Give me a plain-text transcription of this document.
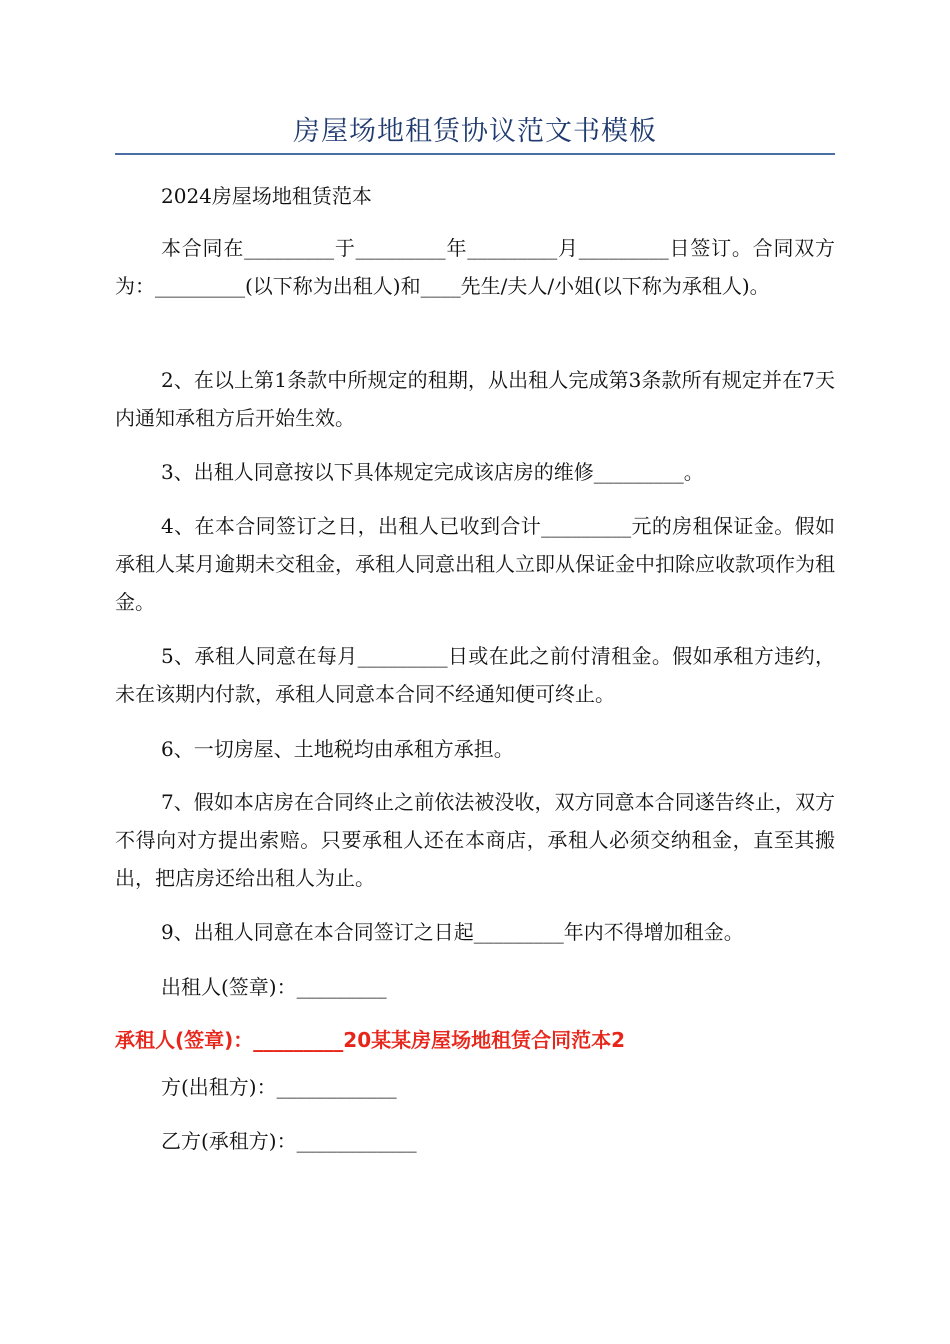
房屋场地租赁协议范文书模板

2024房屋场地租赁范本

本合同在_________于_________年_________月_________日签订。合同双方为：_________(以下称为出租人)和____先生/夫人/小姐(以下称为承租人)。

2、在以上第1条款中所规定的租期，从出租人完成第3条款所有规定并在7天内通知承租方后开始生效。

3、出租人同意按以下具体规定完成该店房的维修_________。

4、在本合同签订之日，出租人已收到合计_________元的房租保证金。假如承租人某月逾期未交租金，承租人同意出租人立即从保证金中扣除应收款项作为租金。

5、承租人同意在每月_________日或在此之前付清租金。假如承租方违约，未在该期内付款，承租人同意本合同不经通知便可终止。

6、一切房屋、土地税均由承租方承担。

7、假如本店房在合同终止之前依法被没收，双方同意本合同遂告终止，双方不得向对方提出索赔。只要承租人还在本商店，承租人必须交纳租金，直至其搬出，把店房还给出租人为止。

9、出租人同意在本合同签订之日起_________年内不得增加租金。

出租人(签章)：_________

承租人(签章)：_________20某某房屋场地租赁合同范本2

方(出租方)：____________

乙方(承租方)：____________
